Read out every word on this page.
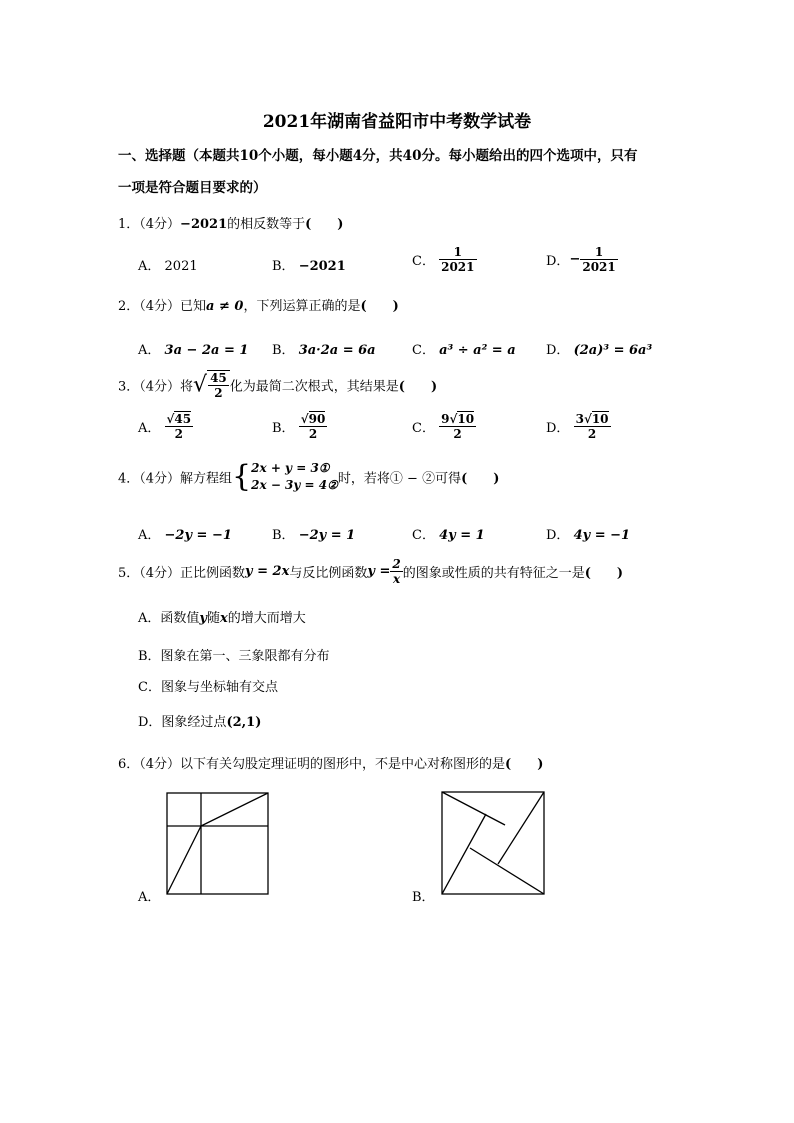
2021年湖南省益阳市中考数学试卷
一、选择题（本题共10个小题，每小题4分，共40分。每小题给出的四个选项中，只有
一项是符合题目要求的）
1．（4分）−2021的相反数等于(　　)
A． 2021	B． −2021	C． $\frac{1}{2021}$	D．− $\frac{1}{2021}$
2．（4分）已知a ≠ 0，下列运算正确的是(　　)
A． 3a − 2a = 1 B． 3a·2a = 6a	C． a³ ÷ a² = a D． (2a)³ = 6a³
3．（4分）将√ $\frac{45}{2}$ 化为最简二次根式，其结果是(　　)
A． $\frac{√45}{2}$	B． $\frac{√90}{2}$	C． $\frac{9√10}{2}$	D． $\frac{3√10}{2}$
4．（4分）解方程组{ 2x + y = 3①
2x − 3y = 4② 时，若将① − ②可得(　　)
A． −2y = −1	B． −2y = 1	C． 4y = 1	D． 4y = −1
5．（4分）正比例函数y = 2x与反比例函数$y = \frac{2}{x}$ 的图象或性质的共有特征之一是(　　)
A．函数值y随x的增大而增大
B．图象在第一、三象限都有分布
C．图象与坐标轴有交点
D．图象经过点(2,1)
6．（4分）以下有关勾股定理证明的图形中，不是中心对称图形的是(　　)
A．	B．
